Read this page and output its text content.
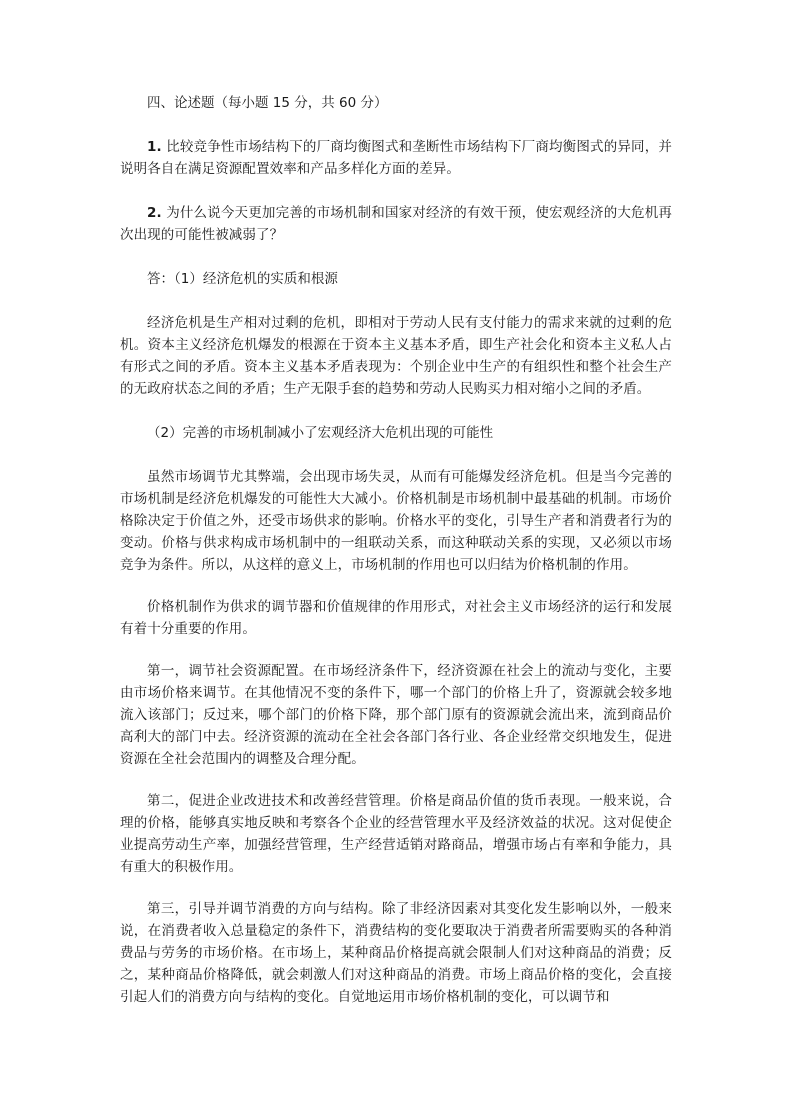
四、论述题（每小题 15 分，共 60 分）

1. 比较竞争性市场结构下的厂商均衡图式和垄断性市场结构下厂商均衡图式的异同，并说明各自在满足资源配置效率和产品多样化方面的差异。

2. 为什么说今天更加完善的市场机制和国家对经济的有效干预，使宏观经济的大危机再次出现的可能性被减弱了？

答：（1）经济危机的实质和根源

经济危机是生产相对过剩的危机，即相对于劳动人民有支付能力的需求来就的过剩的危机。资本主义经济危机爆发的根源在于资本主义基本矛盾，即生产社会化和资本主义私人占有形式之间的矛盾。资本主义基本矛盾表现为：个别企业中生产的有组织性和整个社会生产的无政府状态之间的矛盾；生产无限手套的趋势和劳动人民购买力相对缩小之间的矛盾。

（2）完善的市场机制减小了宏观经济大危机出现的可能性

虽然市场调节尤其弊端，会出现市场失灵，从而有可能爆发经济危机。但是当今完善的市场机制是经济危机爆发的可能性大大减小。价格机制是市场机制中最基础的机制。市场价格除决定于价值之外，还受市场供求的影响。价格水平的变化，引导生产者和消费者行为的变动。价格与供求构成市场机制中的一组联动关系，而这种联动关系的实现，又必须以市场竞争为条件。所以，从这样的意义上，市场机制的作用也可以归结为价格机制的作用。

价格机制作为供求的调节器和价值规律的作用形式，对社会主义市场经济的运行和发展有着十分重要的作用。

第一，调节社会资源配置。在市场经济条件下，经济资源在社会上的流动与变化，主要由市场价格来调节。在其他情况不变的条件下，哪一个部门的价格上升了，资源就会较多地流入该部门；反过来，哪个部门的价格下降，那个部门原有的资源就会流出来，流到商品价高利大的部门中去。经济资源的流动在全社会各部门各行业、各企业经常交织地发生，促进资源在全社会范围内的调整及合理分配。

第二，促进企业改进技术和改善经营管理。价格是商品价值的货币表现。一般来说，合理的价格，能够真实地反映和考察各个企业的经营管理水平及经济效益的状况。这对促使企业提高劳动生产率，加强经营管理，生产经营适销对路商品，增强市场占有率和争能力，具有重大的积极作用。

第三，引导并调节消费的方向与结构。除了非经济因素对其变化发生影响以外，一般来说，在消费者收入总量稳定的条件下，消费结构的变化要取决于消费者所需要购买的各种消费品与劳务的市场价格。在市场上，某种商品价格提高就会限制人们对这种商品的消费；反之，某种商品价格降低，就会刺激人们对这种商品的消费。市场上商品价格的变化，会直接引起人们的消费方向与结构的变化。自觉地运用市场价格机制的变化，可以调节和
